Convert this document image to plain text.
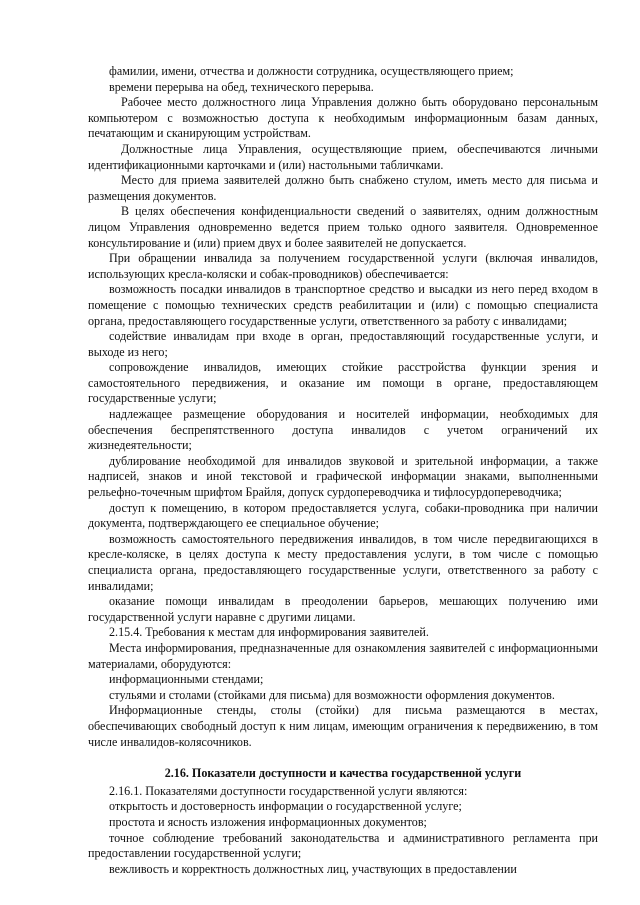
фамилии, имени, отчества и должности сотрудника, осуществляющего прием;

времени перерыва на обед, технического перерыва.

Рабочее место должностного лица Управления должно быть оборудовано персональным компьютером с возможностью доступа к необходимым информационным базам данных, печатающим и сканирующим устройствам.

Должностные лица Управления, осуществляющие прием, обеспечиваются личными идентификационными карточками и (или) настольными табличками.

Место для приема заявителей должно быть снабжено стулом, иметь место для письма и размещения документов.

В целях обеспечения конфиденциальности сведений о заявителях, одним должностным лицом Управления одновременно ведется прием только одного заявителя. Одновременное консультирование и (или) прием двух и более заявителей не допускается.

При обращении инвалида за получением государственной услуги (включая инвалидов, использующих кресла-коляски и собак-проводников) обеспечивается:

возможность посадки инвалидов в транспортное средство и высадки из него перед входом в помещение с помощью технических средств реабилитации и (или) с помощью специалиста органа, предоставляющего государственные услуги, ответственного за работу с инвалидами;

содействие инвалидам при входе в орган, предоставляющий государственные услуги, и выходе из него;

сопровождение инвалидов, имеющих стойкие расстройства функции зрения и самостоятельного передвижения, и оказание им помощи в органе, предоставляющем государственные услуги;

надлежащее размещение оборудования и носителей информации, необходимых для обеспечения беспрепятственного доступа инвалидов с учетом ограничений их жизнедеятельности;

дублирование необходимой для инвалидов звуковой и зрительной информации, а также надписей, знаков и иной текстовой и графической информации знаками, выполненными рельефно-точечным шрифтом Брайля, допуск сурдопереводчика и тифлосурдопереводчика;

доступ к помещению, в котором предоставляется услуга, собаки-проводника при наличии документа, подтверждающего ее специальное обучение;

возможность самостоятельного передвижения инвалидов, в том числе передвигающихся в кресле-коляске, в целях доступа к месту предоставления услуги, в том числе с помощью специалиста органа, предоставляющего государственные услуги, ответственного за работу с инвалидами;

оказание помощи инвалидам в преодолении барьеров, мешающих получению ими государственной услуги наравне с другими лицами.

2.15.4. Требования к местам для информирования заявителей.

Места информирования, предназначенные для ознакомления заявителей с информационными материалами, оборудуются:

информационными стендами;

стульями и столами (стойками для письма) для возможности оформления документов.

Информационные стенды, столы (стойки) для письма размещаются в местах, обеспечивающих свободный доступ к ним лицам, имеющим ограничения к передвижению, в том числе инвалидов-колясочников.

2.16. Показатели доступности и качества государственной услуги

2.16.1. Показателями доступности государственной услуги являются:

открытость и достоверность информации о государственной услуге;

простота и ясность изложения информационных документов;

точное соблюдение требований законодательства и административного регламента при предоставлении государственной услуги;

вежливость и корректность должностных лиц, участвующих в предоставлении
